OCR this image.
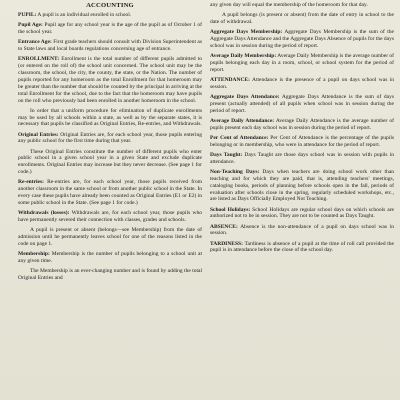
ACCOUNTING

PUPIL: A pupil is an individual enrolled in school.

Pupil Age: Pupil age for any school year is the age of the pupil as of October 1 of the school year.

Entrance Age: First grade teachers should consult with Division Superintendent as to State laws and local boards regulations concerning age of entrance.

ENROLLMENT: Enrollment is the total number of different pupils admitted to (or entered on the roll of) the school unit concerned. The school unit may be the classroom, the school, the city, the county, the state, or the Nation. The number of pupils reported for any homeroom as the total Enrollment for that homeroom may be greater than the number that should be counted by the principal in arriving at the total Enrollment for the school, due to the fact that the homeroom may have pupils on the roll who previously had been enrolled in another homeroom in the school.

In order that a uniform procedure for elimination of duplicate enrollments may be used by all schools within a state, as well as by the separate states, it is necessary that pupils be classified as Original Entries, Re-entries, and Withdrawals.

Original Entries: Original Entries are, for each school year, those pupils entering any public school for the first time during that year.

These Original Entries constitute the number of different pupils who enter public school in a given school year in a given State and exclude duplicate enrollments. Original Entries may increase but they never decrease. (See page 1 for code.)

Re-entries: Re-entries are, for each school year, those pupils received from another classroom in the same school or from another public school in the State. In every case these pupils have already been counted as Original Entries (E1 or E2) in some public school in the State. (See page 1 for code.)

Withdrawals (losses): Withdrawals are, for each school year, those pupils who have permanently severed their connection with classes, grades and schools.

A pupil is present or absent (belongs—see Membership) from the date of admission until he permanently leaves school for one of the reasons listed in the code on page 1.

Membership: Membership is the number of pupils belonging to a school unit at any given time.

The Membership is an ever-changing number and is found by adding the total Original Entries and

any given day will equal the membership of the homeroom for that day.

A pupil belongs (is present or absent) from the date of entry in school to the date of withdrawal.

Aggregate Days Membership: Aggregate Days Membership is the sum of the Aggregate Days Attendance and the Aggregate Days Absence of pupils for the days school was in session during the period of report.

Average Daily Membership: Average Daily Membership is the average number of pupils belonging each day in a room, school, or school system for the period of report.

ATTENDANCE: Attendance is the presence of a pupil on days school was in session.

Aggregate Days Attendance: Aggregate Days Attendance is the sum of days present (actually attended) of all pupils when school was in session during the period of report.

Average Daily Attendance: Average Daily Attendance is the average number of pupils present each day school was in session during the period of report.

Per Cent of Attendance: Per Cent of Attendance is the percentage of the pupils belonging or in membership, who were in attendance for the period of report.

Days Taught: Days Taught are those days school was in session with pupils in attendance.

Non-Teaching Days: Days when teachers are doing school work other than teaching and for which they are paid, that is, attending teachers' meetings, cataloging books, periods of planning before schools open in the fall, periods of evaluation after schools close in the spring, regularly scheduled workshops, etc., are listed as Days Officially Employed Not Teaching.

School Holidays: School Holidays are regular school days on which schools are authorized not to be in session. They are not to be counted as Days Taught.

ABSENCE: Absence is the non-attendance of a pupil on days school was in session.

TARDINESS: Tardiness is absence of a pupil at the time of roll call provided the pupil is in attendance before the close of the school day.
